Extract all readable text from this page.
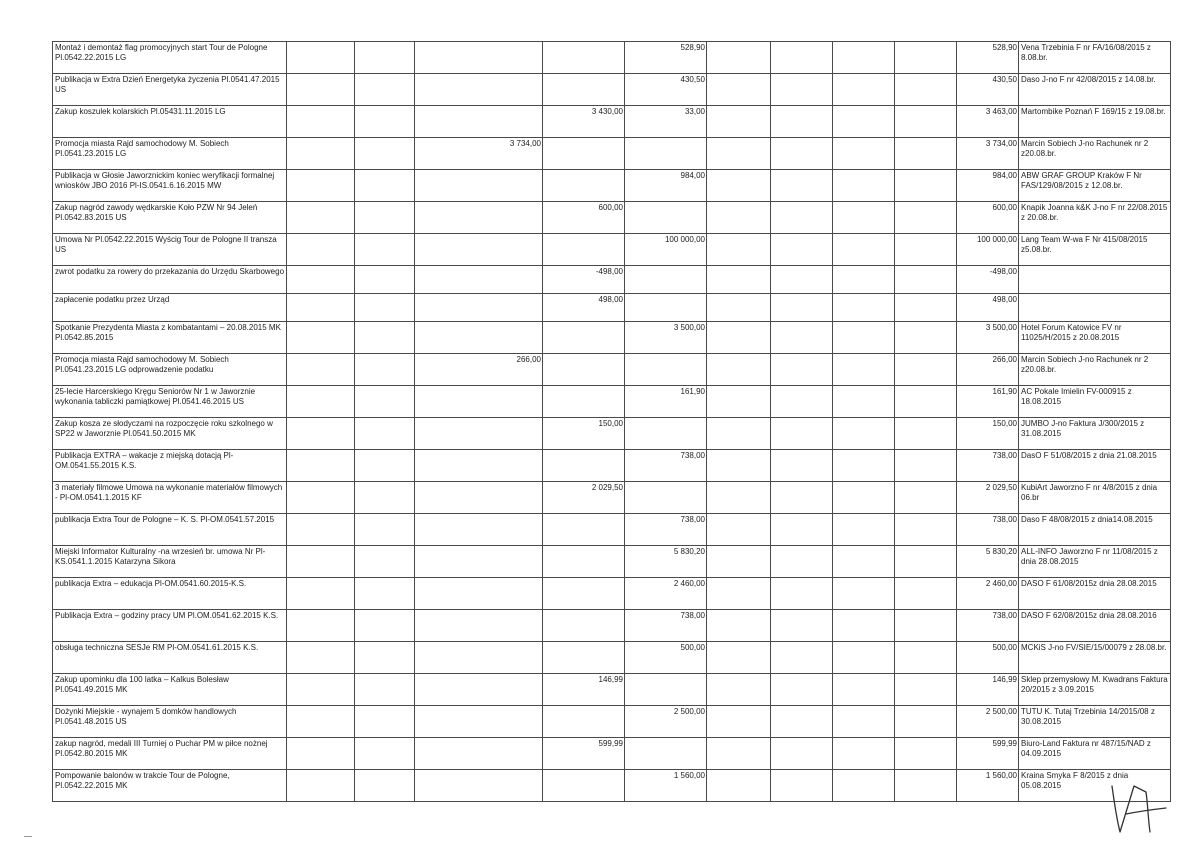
Montaż i demontaż flag promocyjnych start Tour de Pologne Pl.0542.22.2015 LG					528,90					528,90	Vena Trzebinia F nr FA/16/08/2015 z 8.08.br.
Publikacja w Extra Dzień Energetyka życzenia Pl.0541.47.2015 US					430,50					430,50	Daso J-no F nr 42/08/2015 z 14.08.br.
Zakup koszulek kolarskich Pl.05431.11.2015 LG				3 430,00	33,00					3 463,00	Martombike Poznań F 169/15 z 19.08.br.
Promocja miasta Rajd samochodowy M. Sobiech Pl.0541.23.2015 LG			3 734,00							3 734,00	Marcin Sobiech J-no Rachunek nr 2 z20.08.br.
Publikacja w Głosie Jaworznickim koniec weryfikacji formalnej wniosków JBO 2016 Pl-IS.0541.6.16.2015 MW					984,00					984,00	ABW GRAF GROUP Kraków F Nr FAS/129/08/2015 z 12.08.br.
Zakup nagród zawody wędkarskie Koło PZW Nr 94 Jeleń Pl.0542.83.2015 US				600,00						600,00	Knapik Joanna k&K J-no F nr 22/08.2015 z 20.08.br.
Umowa Nr Pl.0542.22.2015 Wyścig Tour de Pologne II transza US					100 000,00					100 000,00	Lang Team W-wa F Nr 415/08/2015 z5.08.br.
zwrot podatku za rowery do przekazania do Urzędu Skarbowego				-498,00						-498,00	
zapłacenie podatku przez Urząd				498,00						498,00	
Spotkanie Prezydenta Miasta z kombatantami – 20.08.2015 MK Pl.0542.85.2015					3 500,00					3 500,00	Hotel Forum Katowice FV nr 11025/H/2015 z 20.08.2015
Promocja miasta Rajd samochodowy M. Sobiech Pl.0541.23.2015 LG odprowadzenie podatku			266,00							266,00	Marcin Sobiech J-no Rachunek nr 2 z20.08.br.
25-lecie Harcerskiego Kręgu Seniorów Nr 1 w Jaworznie wykonania tabliczki pamiątkowej Pl.0541.46.2015 US					161,90					161,90	AC Pokale Imielin FV-000915 z 18.08.2015
Zakup kosza ze słodyczami na rozpoczęcie roku szkolnego w SP22 w Jaworznie Pl.0541.50.2015 MK				150,00						150,00	JUMBO J-no Faktura J/300/2015 z 31.08.2015
Publikacja EXTRA – wakacje z miejską dotacją Pl-OM.0541.55.2015 K.S.					738,00					738,00	DasO F 51/08/2015 z dnia 21.08.2015
3 materiały filmowe Umowa na wykonanie materiałów filmowych - Pl-OM.0541.1.2015 KF				2 029,50						2 029,50	KubiArt Jaworzno F nr 4/8/2015 z dnia 06.br
publikacja Extra Tour de Pologne – K. S. Pl-OM.0541.57.2015					738,00					738,00	Daso F 48/08/2015 z dnia14.08.2015
Miejski Informator Kulturalny -na wrzesień br. umowa Nr Pl-KS.0541.1.2015 Katarzyna Sikora					5 830,20					5 830,20	ALL-INFO Jaworzno F nr 11/08/2015 z dnia 28.08.2015
publikacja Extra – edukacja Pl-OM.0541.60.2015-K.S.					2 460,00					2 460,00	DASO F 61/08/2015z dnia 28.08.2015
Publikacja Extra – godziny pracy UM Pl.OM.0541.62.2015 K.S.					738,00					738,00	DASO F 62/08/2015z dnia 28.08.2016
obsługa techniczna SESJe RM Pl-OM.0541.61.2015 K.S.					500,00					500,00	MCKiS J-no FV/SIE/15/00079 z 28.08.br.
Zakup upominku dla 100 latka – Kalkus Bolesław Pl.0541.49.2015 MK				146,99						146,99	Sklep przemysłowy M. Kwadrans Faktura 20/2015 z 3.09.2015
Dożynki Miejskie - wynajem 5 domków handlowych Pl.0541.48.2015 US					2 500,00					2 500,00	TUTU K. Tutaj Trzebinia 14/2015/08 z 30.08.2015
zakup nagród, medali III Turniej o Puchar PM w piłce nożnej Pl.0542.80.2015 MK				599,99						599,99	Biuro-Land Faktura nr 487/15/NAD z 04.09.2015
Pompowanie balonów w trakcie Tour de Pologne, Pl.0542.22.2015 MK					1 560,00					1 560,00	Kraina Smyka F 8/2015 z dnia 05.08.2015
